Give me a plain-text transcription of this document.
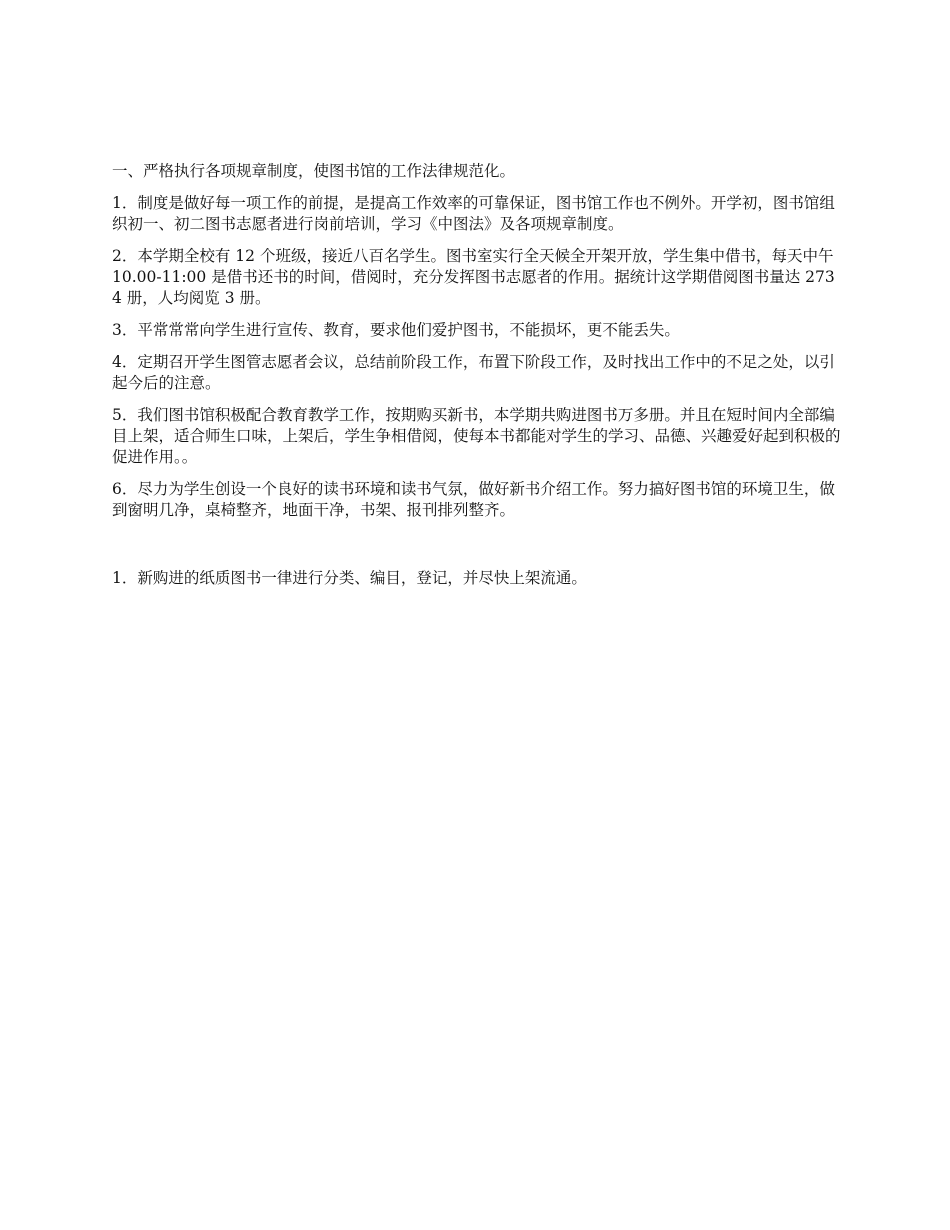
一、严格执行各项规章制度，使图书馆的工作法律规范化。

1．制度是做好每一项工作的前提，是提高工作效率的可靠保证，图书馆工作也不例外。开学初，图书馆组织初一、初二图书志愿者进行岗前培训，学习《中图法》及各项规章制度。

2．本学期全校有 12 个班级，接近八百名学生。图书室实行全天候全开架开放，学生集中借书，每天中午 10.00-11:00 是借书还书的时间，借阅时，充分发挥图书志愿者的作用。据统计这学期借阅图书量达 2734 册，人均阅览 3 册。

3．平常常常向学生进行宣传、教育，要求他们爱护图书，不能损坏，更不能丢失。

4．定期召开学生图管志愿者会议，总结前阶段工作，布置下阶段工作，及时找出工作中的不足之处，以引起今后的注意。

5．我们图书馆积极配合教育教学工作，按期购买新书，本学期共购进图书万多册。并且在短时间内全部编目上架，适合师生口味，上架后，学生争相借阅，使每本书都能对学生的学习、品德、兴趣爱好起到积极的促进作用。。

6．尽力为学生创设一个良好的读书环境和读书气氛，做好新书介绍工作。努力搞好图书馆的环境卫生，做到窗明几净，桌椅整齐，地面干净，书架、报刊排列整齐。

1．新购进的纸质图书一律进行分类、编目，登记，并尽快上架流通。
